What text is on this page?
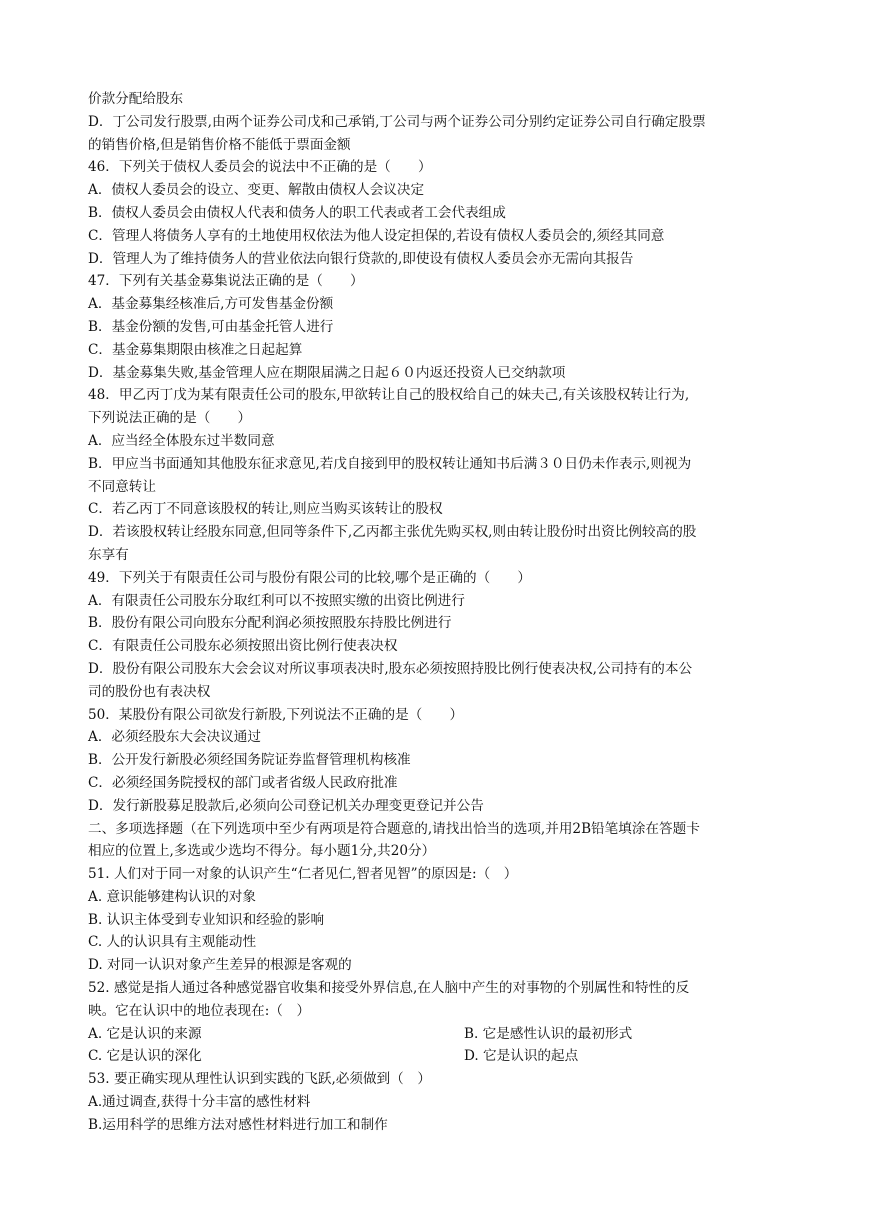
价款分配给股东
D．丁公司发行股票,由两个证券公司戊和己承销,丁公司与两个证券公司分别约定证券公司自行确定股票
的销售价格,但是销售价格不能低于票面金额
46．下列关于债权人委员会的说法中不正确的是（　　）
A．债权人委员会的设立、变更、解散由债权人会议决定
B．债权人委员会由债权人代表和债务人的职工代表或者工会代表组成
C．管理人将债务人享有的土地使用权依法为他人设定担保的,若设有债权人委员会的,须经其同意
D．管理人为了维持债务人的营业依法向银行贷款的,即使设有债权人委员会亦无需向其报告
47．下列有关基金募集说法正确的是（　　）
A．基金募集经核准后,方可发售基金份额
B．基金份额的发售,可由基金托管人进行
C．基金募集期限由核准之日起起算
D．基金募集失败,基金管理人应在期限届满之日起６０内返还投资人已交纳款项
48．甲乙丙丁戊为某有限责任公司的股东,甲欲转让自己的股权给自己的妹夫己,有关该股权转让行为,
下列说法正确的是（　　）
A．应当经全体股东过半数同意
B．甲应当书面通知其他股东征求意见,若戊自接到甲的股权转让通知书后满３０日仍未作表示,则视为
不同意转让
C．若乙丙丁不同意该股权的转让,则应当购买该转让的股权
D．若该股权转让经股东同意,但同等条件下,乙丙都主张优先购买权,则由转让股份时出资比例较高的股
东享有
49．下列关于有限责任公司与股份有限公司的比较,哪个是正确的（　　）
A．有限责任公司股东分取红利可以不按照实缴的出资比例进行
B．股份有限公司向股东分配利润必须按照股东持股比例进行
C．有限责任公司股东必须按照出资比例行使表决权
D．股份有限公司股东大会会议对所议事项表决时,股东必须按照持股比例行使表决权,公司持有的本公
司的股份也有表决权
50．某股份有限公司欲发行新股,下列说法不正确的是（　　）
A．必须经股东大会决议通过
B．公开发行新股必须经国务院证券监督管理机构核准
C．必须经国务院授权的部门或者省级人民政府批准
D．发行新股募足股款后,必须向公司登记机关办理变更登记并公告
二、多项选择题（在下列选项中至少有两项是符合题意的,请找出恰当的选项,并用2B铅笔填涂在答题卡
相应的位置上,多选或少选均不得分。每小题1分,共20分）
51. 人们对于同一对象的认识产生“仁者见仁,智者见智”的原因是:（　）
A. 意识能够建构认识的对象
B. 认识主体受到专业知识和经验的影响
C. 人的认识具有主观能动性
D. 对同一认识对象产生差异的根源是客观的
52. 感觉是指人通过各种感觉器官收集和接受外界信息,在人脑中产生的对事物的个别属性和特性的反
映。它在认识中的地位表现在:（　）
A. 它是认识的来源	B. 它是感性认识的最初形式
C. 它是认识的深化	D. 它是认识的起点
53. 要正确实现从理性认识到实践的飞跃,必须做到（　）
A.通过调查,获得十分丰富的感性材料
B.运用科学的思维方法对感性材料进行加工和制作
